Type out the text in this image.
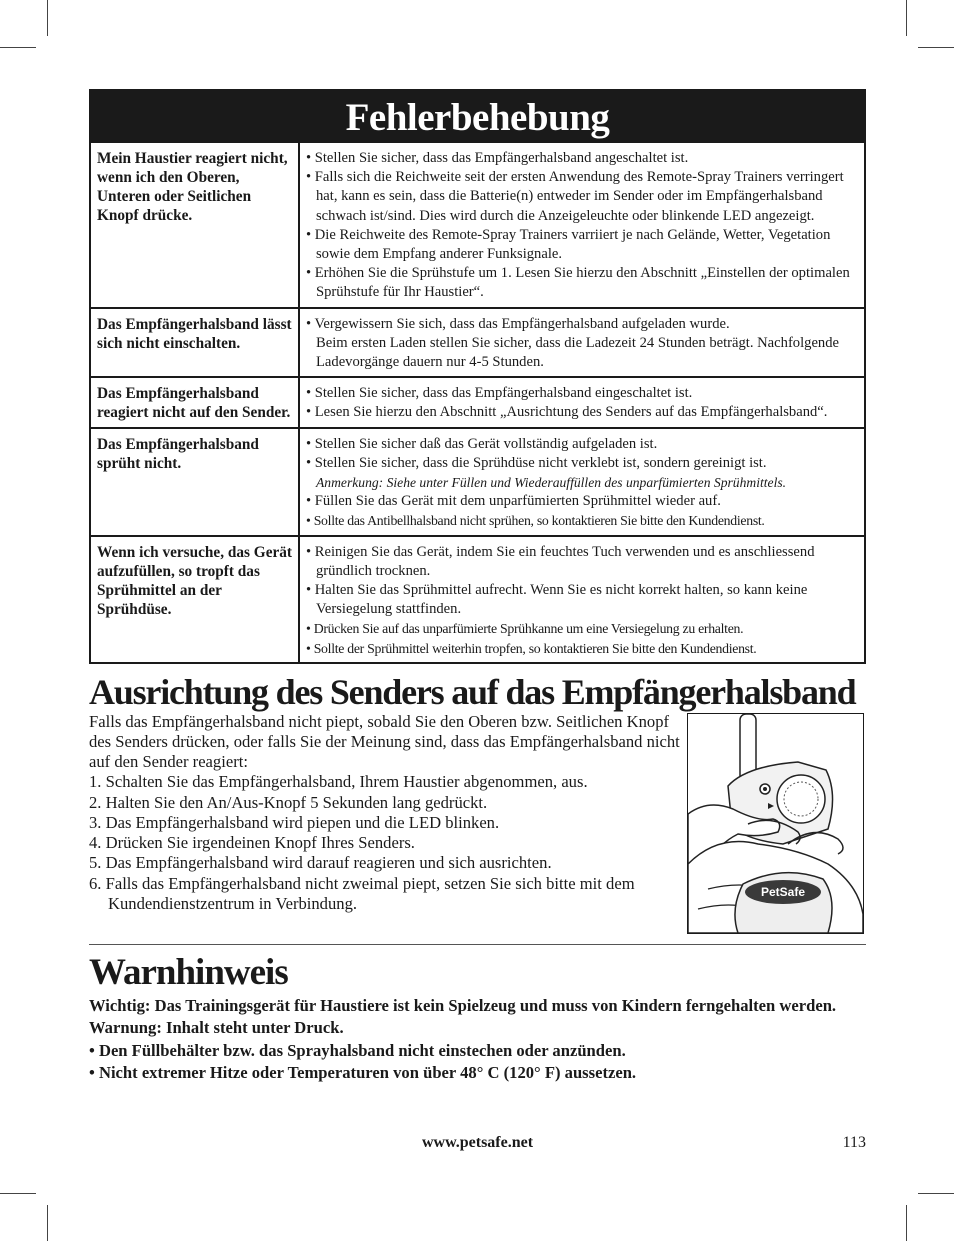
Fehlerbehebung
Mein Haustier reagiert nicht, wenn ich den Oberen, Unteren oder Seitlichen Knopf drücke.
• Stellen Sie sicher, dass das Empfängerhalsband angeschaltet ist.
• Falls sich die Reichweite seit der ersten Anwendung des Remote-Spray Trainers verringert hat, kann es sein, dass die Batterie(n) entweder im Sender oder im Empfängerhalsband schwach ist/sind. Dies wird durch die Anzeigeleuchte oder blinkende LED angezeigt.
• Die Reichweite des Remote-Spray Trainers varriiert je nach Gelände, Wetter, Vegetation sowie dem Empfang anderer Funksignale.
• Erhöhen Sie die Sprühstufe um 1. Lesen Sie hierzu den Abschnitt „Einstellen der optimalen Sprühstufe für Ihr Haustier“.
Das Empfängerhalsband lässt sich nicht einschalten.
• Vergewissern Sie sich, dass das Empfängerhalsband aufgeladen wurde.
Beim ersten Laden stellen Sie sicher, dass die Ladezeit 24 Stunden beträgt. Nachfolgende Ladevorgänge dauern nur 4-5 Stunden.
Das Empfängerhalsband reagiert nicht auf den Sender.
• Stellen Sie sicher, dass das Empfängerhalsband eingeschaltet ist.
• Lesen Sie hierzu den Abschnitt „Ausrichtung des Senders auf das Empfängerhalsband“.
Das Empfängerhalsband sprüht nicht.
• Stellen Sie sicher daß das Gerät vollständig aufgeladen ist.
• Stellen Sie sicher, dass die Sprühdüse nicht verklebt ist, sondern gereinigt ist.
Anmerkung: Siehe unter Füllen und Wiederauffüllen des unparfümierten Sprühmittels.
• Füllen Sie das Gerät mit dem unparfümierten Sprühmittel wieder auf.
• Sollte das Antibellhalsband nicht sprühen, so kontaktieren Sie bitte den Kundendienst.
Wenn ich versuche, das Gerät aufzufüllen, so tropft das Sprühmittel an der Sprühdüse.
• Reinigen Sie das Gerät, indem Sie ein feuchtes Tuch verwenden und es anschliessend gründlich trocknen.
• Halten Sie das Sprühmittel aufrecht. Wenn Sie es nicht korrekt halten, so kann keine Versiegelung stattfinden.
• Drücken Sie auf das unparfümierte Sprühkanne um eine Versiegelung zu erhalten.
• Sollte der Sprühmittel weiterhin tropfen, so kontaktieren Sie bitte den Kundendienst.
Ausrichtung des Senders auf das Empfängerhalsband

Falls das Empfängerhalsband nicht piept, sobald Sie den Oberen bzw. Seitlichen Knopf des Senders drücken, oder falls Sie der Meinung sind, dass das Empfängerhalsband nicht auf den Sender reagiert:

1. Schalten Sie das Empfängerhalsband, Ihrem Haustier abgenommen, aus.
2. Halten Sie den An/Aus-Knopf 5 Sekunden lang gedrückt.
3. Das Empfängerhalsband wird piepen und die LED blinken.
4. Drücken Sie irgendeinen Knopf Ihres Senders.
5. Das Empfängerhalsband wird darauf reagieren und sich ausrichten.
6. Falls das Empfängerhalsband nicht zweimal piept, setzen Sie sich bitte mit dem Kundendienstzentrum in Verbindung.
PetSafe
Warnhinweis

Wichtig: Das Trainingsgerät für Haustiere ist kein Spielzeug und muss von Kindern ferngehalten werden.

Warnung: Inhalt steht unter Druck.

• Den Füllbehälter bzw. das Sprayhalsband nicht einstechen oder anzünden.

• Nicht extremer Hitze oder Temperaturen von über 48° C (120° F) aussetzen.

www.petsafe.net	113
